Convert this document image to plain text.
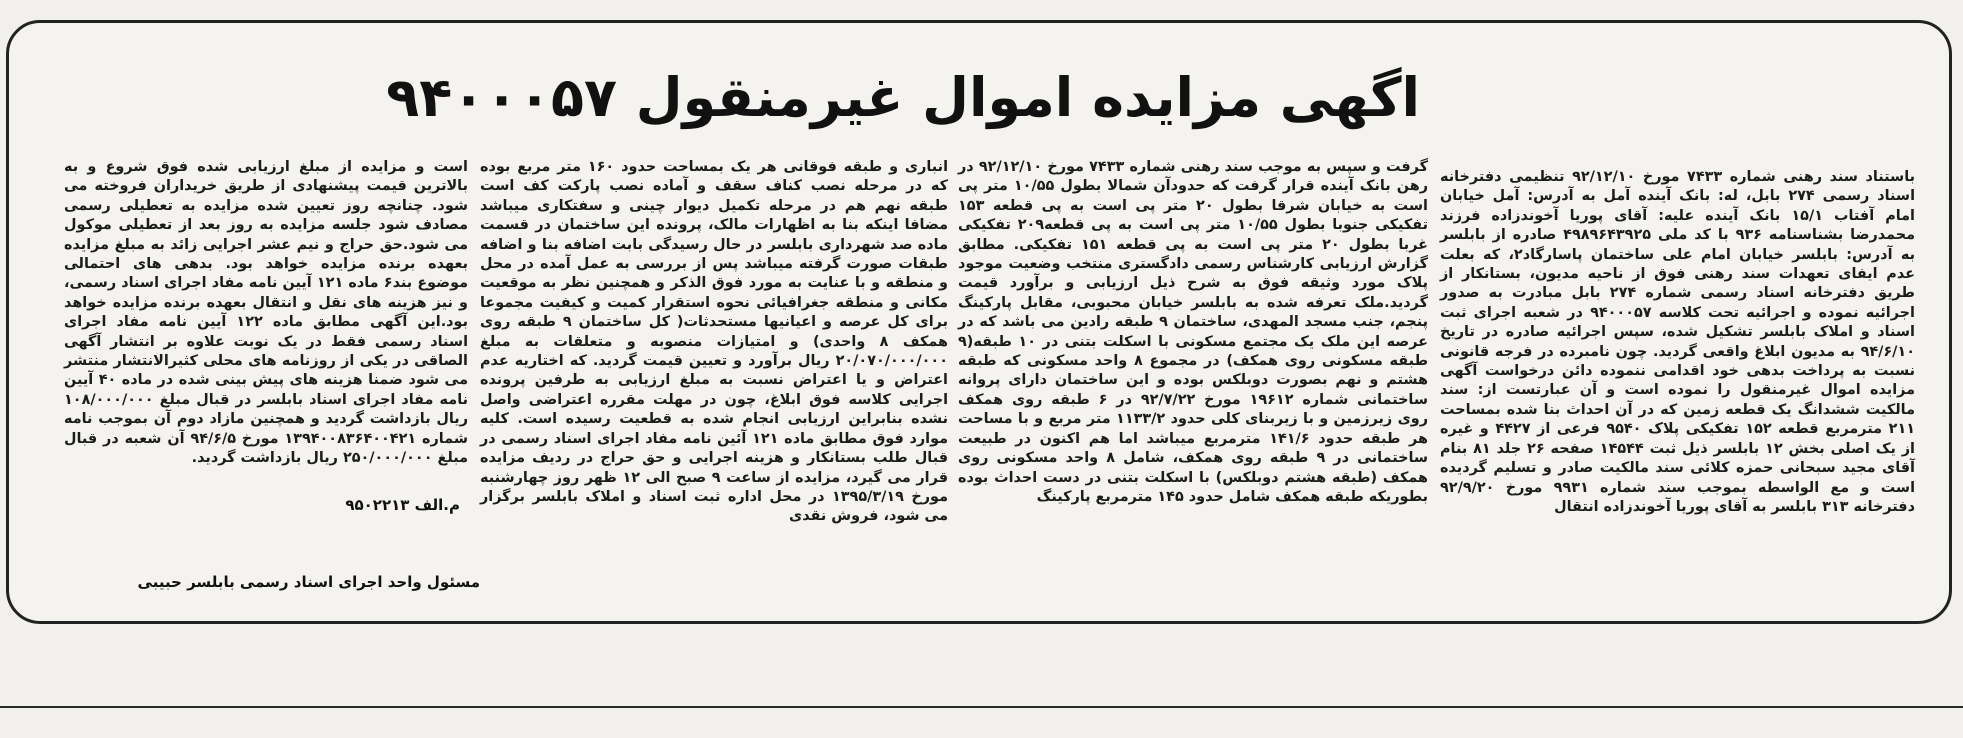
اگهی مزایده اموال غیرمنقول ۹۴۰۰۰۵۷
باستناد سند رهنی شماره ۷۴۳۳ مورخ ۹۲/۱۲/۱۰ تنظیمی دفترخانه اسناد رسمی ۲۷۴ بابل، له: بانک آینده آمل به آدرس: آمل خیابان امام آفتاب ۱۵/۱ بانک آینده علیه: آقای پوریا آخوندزاده فرزند محمدرضا بشناسنامه ۹۳۶ با کد ملی ۴۹۸۹۶۴۳۹۲۵ صادره از بابلسر به آدرس: بابلسر خیابان امام علی ساختمان پاسارگاد۲، که بعلت عدم ایفای تعهدات سند رهنی فوق از ناحیه مدیون، بستانکار از طریق دفترخانه اسناد رسمی شماره ۲۷۴ بابل مبادرت به صدور اجرائیه نموده و اجرائیه تحت کلاسه ۹۴۰۰۰۵۷ در شعبه اجرای ثبت اسناد و املاک بابلسر تشکیل شده، سپس اجرائیه صادره در تاریخ ۹۴/۶/۱۰ به مدیون ابلاغ واقعی گردید. چون نامبرده در فرجه قانونی نسبت به پرداخت بدهی خود اقدامی ننموده دائن درخواست آگهی مزایده اموال غیرمنقول را نموده است و آن عبارتست از: سند مالکیت ششدانگ یک قطعه زمین که در آن احداث بنا شده بمساحت ۲۱۱ مترمربع قطعه ۱۵۲ تفکیکی پلاک ۹۵۴۰ فرعی از ۴۴۲۷ و غیره از یک اصلی بخش ۱۲ بابلسر ذیل ثبت ۱۴۵۴۴ صفحه ۲۶ جلد ۸۱ بنام آقای مجید سبحانی حمزه کلائی سند مالکیت صادر و تسلیم گردیده است و مع الواسطه بموجب سند شماره ۹۹۳۱ مورخ ۹۲/۹/۲۰ دفترخانه ۳۱۳ بابلسر به آقای پوریا آخوندزاده انتقال
گرفت و سپس به موجب سند رهنی شماره ۷۴۳۳ مورخ ۹۲/۱۲/۱۰ در رهن بانک آینده قرار گرفت که حدودآن شمالا بطول ۱۰/۵۵ متر پی است به خیابان شرقا بطول ۲۰ متر پی است به پی قطعه ۱۵۳ تفکیکی جنوبا بطول ۱۰/۵۵ متر پی است به پی قطعه۲۰۹ تفکیکی غربا بطول ۲۰ متر پی است به پی قطعه ۱۵۱ تفکیکی. مطابق گزارش ارزیابی کارشناس رسمی دادگستری منتخب وضعیت موجود پلاک مورد وثیقه فوق به شرح ذیل ارزیابی و برآورد قیمت گردید.ملک تعرفه شده به بابلسر خیابان محبوبی، مقابل پارکینگ پنجم، جنب مسجد المهدی، ساختمان ۹ طبقه رادین می باشد که در عرصه این ملک یک مجتمع مسکونی با اسکلت بتنی در ۱۰ طبقه(۹ طبقه مسکونی روی همکف) در مجموع ۸ واحد مسکونی که طبقه هشتم و نهم بصورت دوبلکس بوده و این ساختمان دارای پروانه ساختمانی شماره ۱۹۶۱۲ مورخ ۹۲/۷/۲۲ در ۶ طبقه روی همکف روی زیرزمین و با زیربنای کلی حدود ۱۱۳۳/۲ متر مربع و با مساحت هر طبقه حدود ۱۴۱/۶ مترمربع میباشد اما هم اکنون در طبیعت ساختمانی در ۹ طبقه روی همکف، شامل ۸ واحد مسکونی روی همکف (طبقه هشتم دوبلکس) با اسکلت بتنی در دست احداث بوده بطوریکه طبقه همکف شامل حدود ۱۴۵ مترمربع پارکینگ
انباری و طبقه فوقانی هر یک بمساحت حدود ۱۶۰ متر مربع بوده که در مرحله نصب کناف سقف و آماده نصب پارکت کف است طبقه نهم هم در مرحله تکمیل دیوار چینی و سفتکاری میباشد مضافا اینکه بنا به اظهارات مالک، پرونده این ساختمان در قسمت ماده صد شهرداری بابلسر در حال رسیدگی بابت اضافه بنا و اضافه طبقات صورت گرفته میباشد پس از بررسی به عمل آمده در محل و منطقه و با عنایت به مورد فوق الذکر و همچنین نظر به موقعیت مکانی و منطقه جغرافیائی نحوه استقرار کمیت و کیفیت مجموعا برای کل عرصه و اعیانیها مستحدثات( کل ساختمان ۹ طبقه روی همکف ۸ واحدی) و امتیازات منصوبه و متعلقات به مبلغ ۲۰/۰۷۰/۰۰۰/۰۰۰ ریال برآورد و تعیین قیمت گردید. که اختاریه عدم اعتراض و یا اعتراض نسبت به مبلغ ارزیابی به طرفین پرونده اجرایی کلاسه فوق ابلاغ، چون در مهلت مقرره اعتراضی واصل نشده بنابراین ارزیابی انجام شده به قطعیت رسیده است. کلیه موارد فوق مطابق ماده ۱۲۱ آئین نامه مفاد اجرای اسناد رسمی در قبال طلب بستانکار و هزینه اجرایی و حق حراج در ردیف مزایده قرار می گیرد، مزایده از ساعت ۹ صبح الی ۱۲ ظهر روز چهارشنبه مورخ ۱۳۹۵/۳/۱۹ در محل اداره ثبت اسناد و املاک بابلسر برگزار می شود، فروش نقدی
است و مزایده از مبلغ ارزیابی شده فوق شروع و به بالاترین قیمت پیشنهادی از طریق خریداران فروخته می شود. چنانچه روز تعیین شده مزایده به تعطیلی رسمی مصادف شود جلسه مزایده به روز بعد از تعطیلی موکول می شود.حق حراج و نیم عشر اجرایی زائد به مبلغ مزایده بعهده برنده مزایده خواهد بود. بدهی های احتمالی موضوع بند۶ ماده ۱۲۱ آیین نامه مفاد اجرای اسناد رسمی، و نیز هزینه های نقل و انتقال بعهده برنده مزایده خواهد بود.این آگهی مطابق ماده ۱۲۲ آیین نامه مفاد اجرای اسناد رسمی فقط در یک نوبت علاوه بر انتشار آگهی الصاقی در یکی از روزنامه های محلی کثیرالانتشار منتشر می شود ضمنا هزینه های پیش بینی شده در ماده ۴۰ آیین نامه مفاد اجرای اسناد بابلسر در قبال مبلغ ۱۰۸/۰۰۰/۰۰۰ ریال بازداشت گردید و همچنین مازاد دوم آن بموجب نامه شماره ۱۳۹۴۰۰۸۳۶۴۰۰۴۲۱ مورخ ۹۴/۶/۵ آن شعبه در قبال مبلغ ۲۵۰/۰۰۰/۰۰۰ ریال بازداشت گردید.
م.الف ۹۵۰۲۲۱۳
مسئول واحد اجرای اسناد رسمی بابلسر حبیبی
